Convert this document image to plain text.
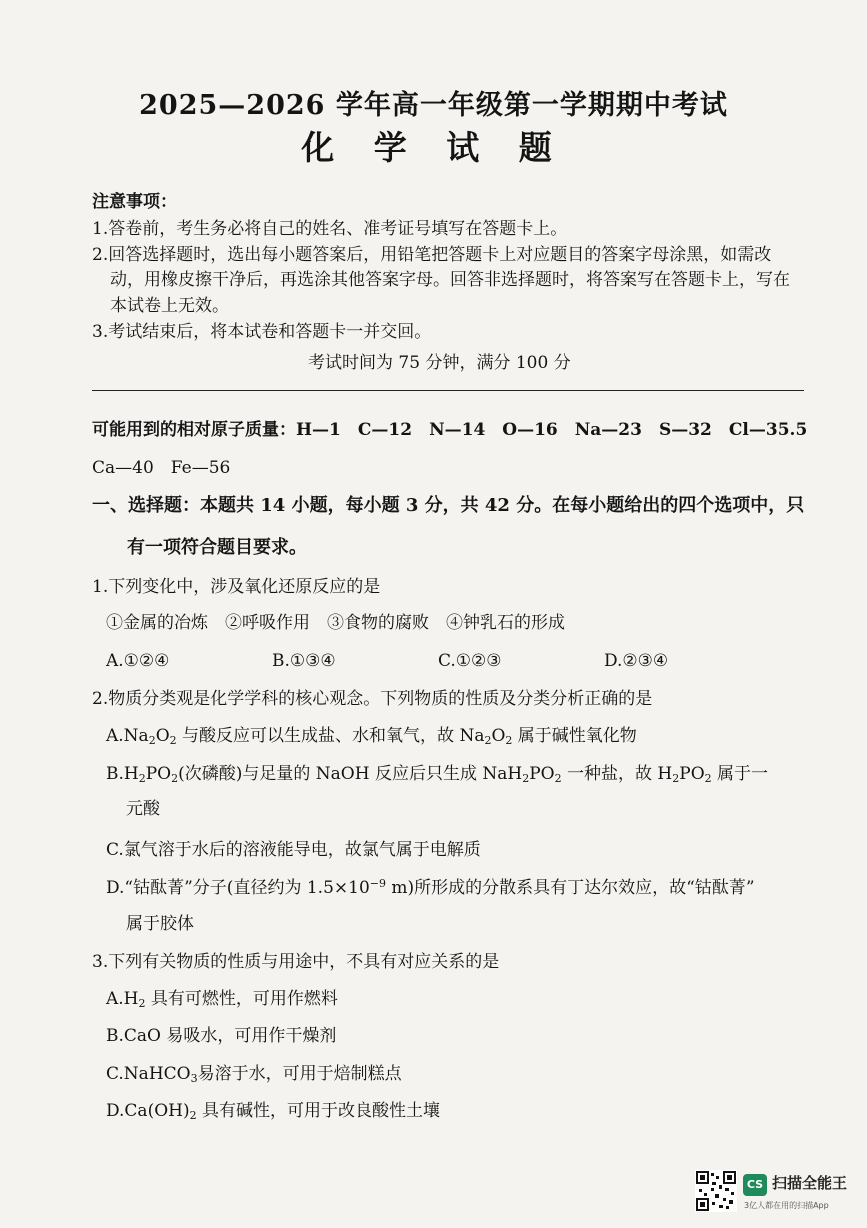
2025—2026 学年高一年级第一学期期中考试
化 学 试 题
注意事项：
1.答卷前，考生务必将自己的姓名、准考证号填写在答题卡上。
2.回答选择题时，选出每小题答案后，用铅笔把答题卡上对应题目的答案字母涂黑，如需改
动，用橡皮擦干净后，再选涂其他答案字母。回答非选择题时，将答案写在答题卡上，写在
本试卷上无效。
3.考试结束后，将本试卷和答题卡一并交回。
考试时间为 75 分钟，满分 100 分
可能用到的相对原子质量：H—1　C—12　N—14　O—16　Na—23　S—32　Cl—35.5
Ca—40　Fe—56
一、选择题：本题共 14 小题，每小题 3 分，共 42 分。在每小题给出的四个选项中，只
有一项符合题目要求。
1.下列变化中，涉及氧化还原反应的是
①金属的冶炼　②呼吸作用　③食物的腐败　④钟乳石的形成
A.①②④	B.①③④	C.①②③	D.②③④
2.物质分类观是化学学科的核心观念。下列物质的性质及分类分析正确的是
$A.Na_2O_2$ 与酸反应可以生成盐、水和氧气，故 $Na_2O_2$ 属于碱性氧化物
$B.H_2PO_2$(次磷酸)与足量的 NaOH 反应后只生成 $NaH_2PO_2$ 一种盐，故 $H_2PO_2$ 属于一
元酸
C.氯气溶于水后的溶液能导电，故氯气属于电解质
D.“钴酞菁”分子(直径约为 $1.5\times 10^{-9}$ m)所形成的分散系具有丁达尔效应，故“钴酞菁”
属于胶体
3.下列有关物质的性质与用途中，不具有对应关系的是
$A.H_2$ 具有可燃性，可用作燃料
B.CaO 易吸水，可用作干燥剂
C.NaHCO$_3$易溶于水，可用于焙制糕点
$D.Ca(OH)_2$ 具有碱性，可用于改良酸性土壤
CS 扫描全能王
3亿人都在用的扫描App
